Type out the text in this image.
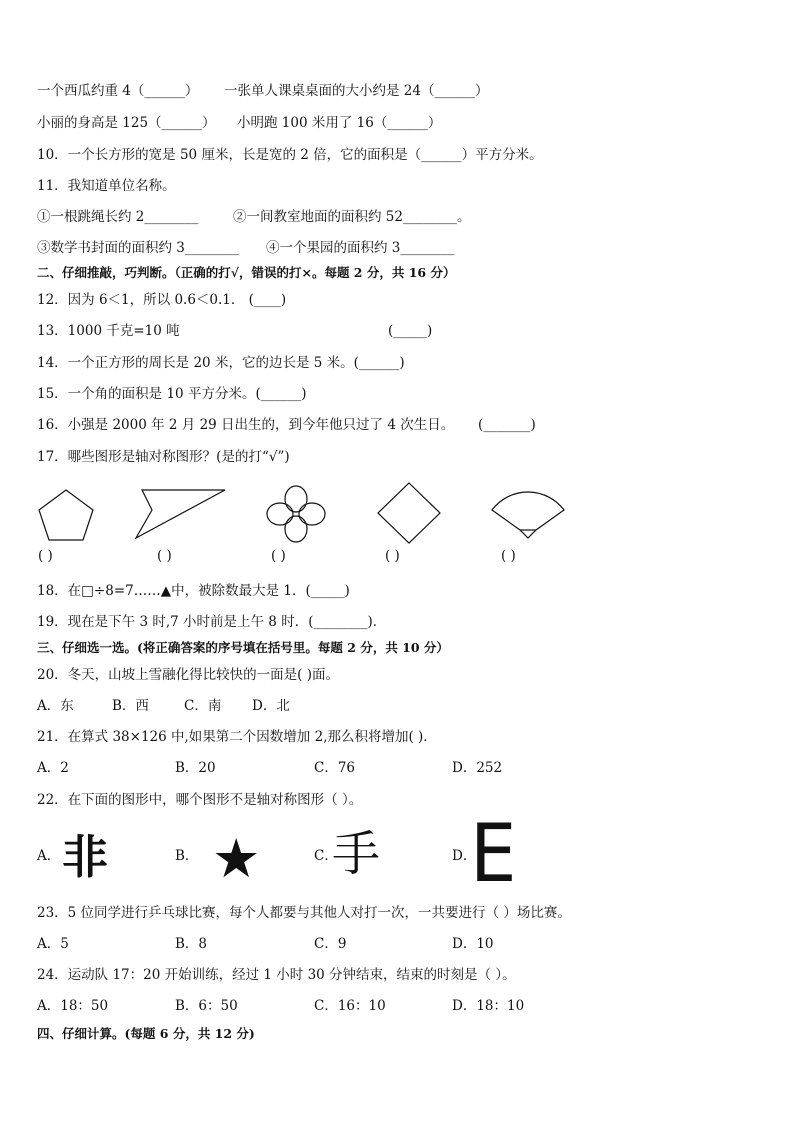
一个西瓜约重 4（______） 一张单人课桌桌面的大小约是 24（______）
小丽的身高是 125（______） 小明跑 100 米用了 16（______）
10．一个长方形的宽是 50 厘米，长是宽的 2 倍，它的面积是（______）平方分米。
11．我知道单位名称。
①一根跳绳长约 2________	②一间教室地面的面积约 52________。
③数学书封面的面积约 3________ ④一个果园的面积约 3________
二、仔细推敲，巧判断。（正确的打√，错误的打×。每题 2 分，共 16 分）
12．因为 6＜1，所以 0.6＜0.1． (____)
13．1000 千克=10 吨	(_____)
14．一个正方形的周长是 20 米，它的边长是 5 米。(______)
15．一个角的面积是 10 平方分米。(______)
16．小强是 2000 年 2 月 29 日出生的，到今年他只过了 4 次生日。 (_______)
17．哪些图形是轴对称图形？(是的打“√”)
( )	( )	( )	( )	( )
18．在□÷8=7……▲中，被除数最大是 1．(_____)
19．现在是下午 3 时,7 小时前是上午 8 时．(________)．
三、仔细选一选。(将正确答案的序号填在括号里。每题 2 分，共 10 分）
20．冬天，山坡上雪融化得比较快的一面是( )面。
A．东	B．西	C．南 D．北
21．在算式 38×126 中,如果第二个因数增加 2,那么积将增加( )．
A．2	B．20	C．76	D．252
22．在下面的图形中，哪个图形不是轴对称图形（ ）。
A． 非	B． ★	C．
手	D．
E
23．5 位同学进行乒乓球比赛，每个人都要与其他人对打一次，一共要进行（ ）场比赛。
A．5	B．8	C．9	D．10
24．运动队 17：20 开始训练，经过 1 小时 30 分钟结束，结束的时刻是（ ）。
A．18：50	B．6：50	C．16：10	D．18：10
四、仔细计算。(每题 6 分，共 12 分)
